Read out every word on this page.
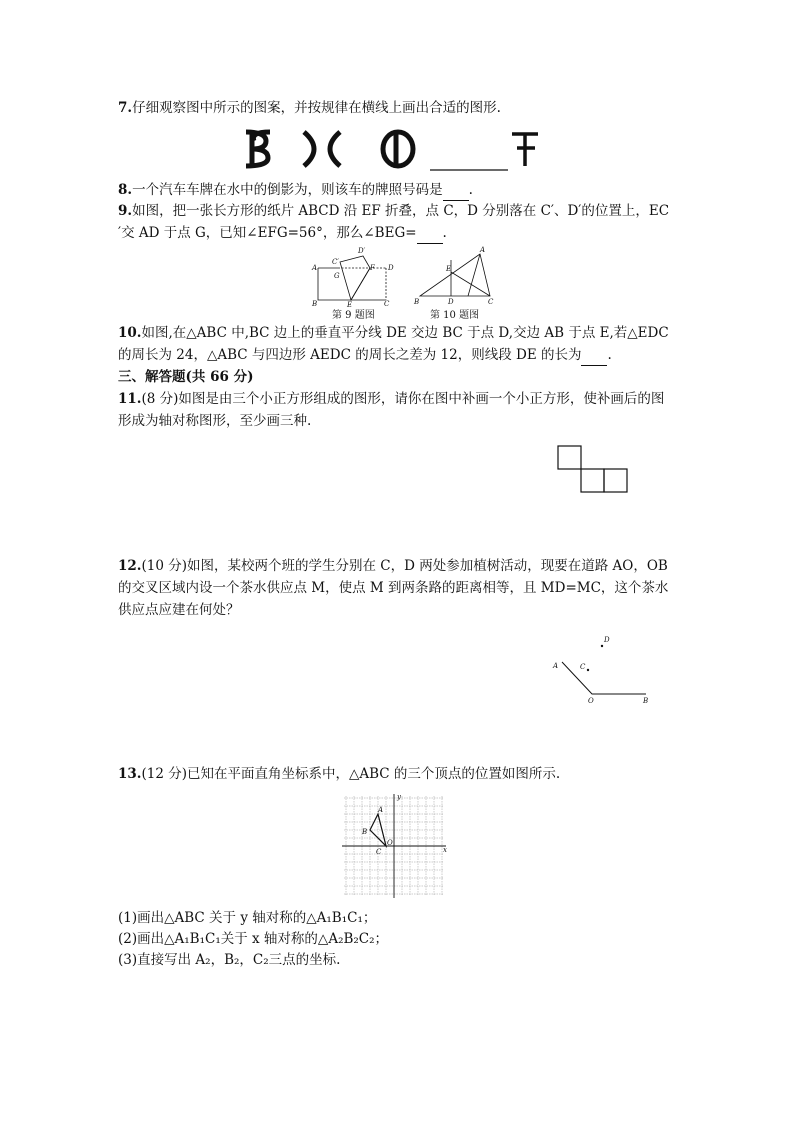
7.仔细观察图中所示的图案，并按规律在横线上画出合适的图形.
8.一个汽车车牌在水中的倒影为，则该车的牌照号码是 .
9.如图，把一张长方形的纸片 ABCD 沿 EF 折叠，点 C，D 分别落在 C′、D′的位置上，EC
′交 AD 于点 G，已知∠EFG=56°，那么∠BEG= .
A
B	C
D
E
F
G
C′
D′
第 9 题图
B
A
C
D
E
第 10 题图
10.如图,在△ABC 中,BC 边上的垂直平分线 DE 交边 BC 于点 D,交边 AB 于点 E,若△EDC
的周长为 24，△ABC 与四边形 AEDC 的周长之差为 12，则线段 DE 的长为 .
三、解答题(共 66 分)
11.(8 分)如图是由三个小正方形组成的图形，请你在图中补画一个小正方形，使补画后的图
形成为轴对称图形，至少画三种.
12.(10 分)如图，某校两个班的学生分别在 C，D 两处参加植树活动，现要在道路 AO，OB
的交叉区域内设一个茶水供应点 M，使点 M 到两条路的距离相等，且 MD=MC，这个茶水
供应点应建在何处？
D
C
A
O	B
13.(12 分)已知在平面直角坐标系中，△ABC 的三个顶点的位置如图所示.
A
B
C
O
x
y
(1)画出△ABC 关于 y 轴对称的△A₁B₁C₁；
(2)画出△A₁B₁C₁关于 x 轴对称的△A₂B₂C₂；
(3)直接写出 A₂，B₂，C₂三点的坐标.
